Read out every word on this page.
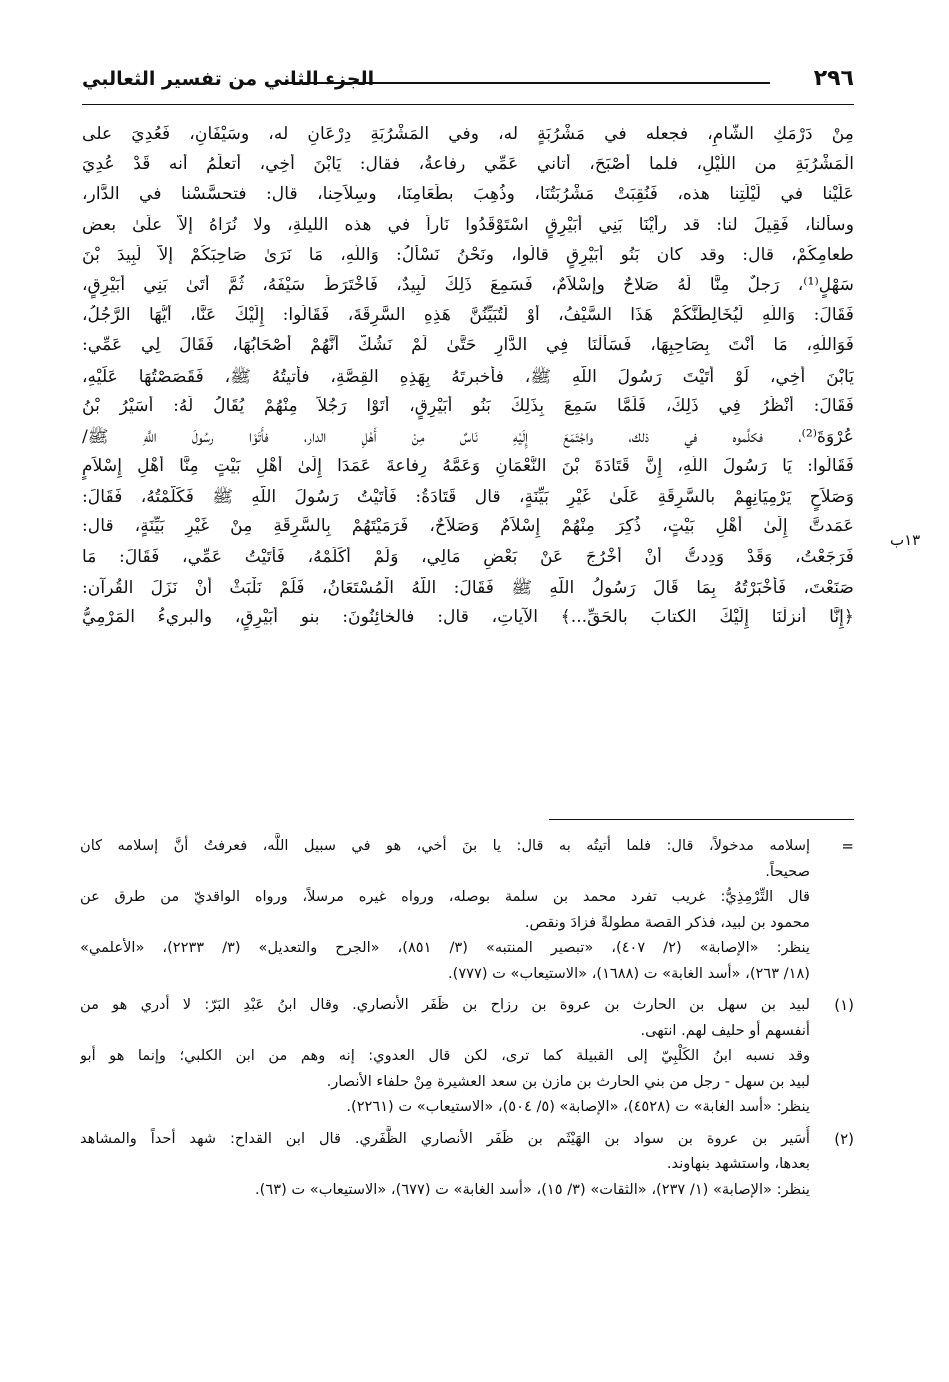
٢٩٦
الجزء الثاني من تفسير الثعالبي
مِنْ دَرْمَكِ الشَّامِ، فجعله في مَشْرُبَةٍ له، وفي المَشْرُبَةِ دِرْعَانِ له، وسَيْفَانِ، فَعُدِيَ على
الْمَشْرُبَةِ من اللَّيْلِ، فلما أَصْبَحَ، أتاني عَمِّي رفاعةُ، فقال: يَابْنَ أَخِي، أتعلَمُ أنه قَدْ عُدِيَ
عَلَيْنا في لَيْلَتِنا هذه، فَنُقِبَتْ مَشْرُبَتُنَا، وذُهِبَ بطَعَامِنَا، وسِلاَحِنا، قال: فتحسَّسْنا في الدَّار،
وسألنا، فَقِيلَ لنا: قد رأَيْنَا بَنِي أُبَيْرِقٍ اسْتَوْقَدُوا نَاراً في هذه الليلةِ، ولا نُرَاهُ إلاَّ علَىٰ بعض
طعامِكُمْ، قال: وقد كان بَنُو أُبَيْرِقٍ قالُوا، ونَحْنُ نَسْأَلُ: وَاللَّهِ، مَا نَرَىٰ صَاحِبَكُمْ إلاَّ لَبِيدَ بْنَ
سَهْلٍ⁽¹⁾، رَجلٌ مِنَّا لَهُ صَلاحٌ وإسْلاَمٌ، فَسَمِعَ ذَلِكَ لَبِيدٌ، فَاخْتَرَطَ سَيْفَهُ، ثُمَّ أَتَىٰ بَنِي أُبَيْرِقٍ،
فَقَالَ: وَاللَّهِ لَيُخَالِطَنَّكُمْ هَذَا السَّيْفُ، أَوْ لَتُبَيِّنُنَّ هَذِهِ السَّرِقَةَ، فَقَالُوا: إِلَيْكَ عَنَّا، أَيُّهَا الرَّجُلُ،
فَوَاللَّهِ، مَا أَنْتَ بِصَاحِبِهَا، فَسَأَلْنَا فِي الدَّارِ حَتَّىٰ لَمْ نَشُكَّ أَنَّهُمْ أَصْحَابُهَا، فَقَالَ لِي عَمِّي:
يَابْنَ أَخِي، لَوْ أَتَيْتَ رَسُولَ اللَّهِ ﷺ، فأخبرتَهُ بِهَذِهِ القِصَّةِ، فأتيتُهُ ﷺ، فَقَصَصْتُهَا عَلَيْهِ،
فَقَالَ: أَنْظُرُ فِي ذَلِكَ، فَلَمَّا سَمِعَ بِذَلِكَ بَنُو أُبَيْرِقٍ، أَتَوْا رَجُلاً مِنْهُمْ يُقَالُ لَهُ: أَسَيْرُ بْنُ
عُرْوَةَ⁽²⁾، فكلَّموه في ذلك، واجْتَمَعَ إِلَيْهِ نَاسٌ مِنْ أَهْلِ الدار، فأَتَوْا رسُولَ اللَّهِ ﷺ/
فَقَالُوا: يَا رَسُولَ اللَّهِ، إِنَّ قَتَادَةَ بْنَ النُّعْمَانِ وَعَمَّهُ رِفاعةَ عَمَدَا إِلَىٰ أَهْلِ بَيْتٍ مِنَّا أَهْلِ إِسْلاَمٍ
وَصَلاَحٍ يَرْمِيَانِهِمْ بالسَّرِقَةِ عَلَىٰ غَيْرِ بَيِّنَةٍ، قال قَتَادَةُ: فَأَتَيْتُ رَسُولَ اللَّهِ ﷺ فَكَلَّمْتُهُ، فَقَالَ:
عَمَدتَّ إِلَىٰ أَهْلِ بَيْتٍ، ذُكِرَ مِنْهُمْ إِسْلاَمٌ وَصَلاَحٌ، فَرَمَيْتَهُمْ بِالسَّرِقَةِ مِنْ غَيْرِ بَيِّنَةٍ، قال:
فَرَجَعْتُ، وَقَدْ وَدِدتُّ أَنْ أَخْرُجَ عَنْ بَعْضِ مَالِي، وَلَمْ أُكَلِّمْهُ، فَأَتَيْتُ عَمِّي، فَقَالَ: مَا
صَنَعْتَ، فَأَخْبَرْتُهُ بِمَا قَالَ رَسُولُ اللَّهِ ﷺ فَقَالَ: اللَّهُ الْمُسْتَعَانُ، فَلَمْ نَلْبَثْ أَنْ نَزَلَ القُرآن:
﴿إِنَّا أَنزلْنَا إِلَيْكَ الكتابَ بالحَقِّ...﴾ الآياتِ، قال: فالخائِنُونَ: بنو أُبَيْرِقٍ، والبريءُ المَرْمِيُّ
١٣ب
=
إسلامه مدخولاً، قال: فلما أتيتُه به قال: يا بنَ أخي، هو في سبيل اللَّه، فعرفتُ أنَّ إسلامه كان
صحيحاً.
قال التِّرْمِذِيُّ: غريب تفرد محمد بن سلمة بوصله، ورواه غيره مرسلاً، ورواه الواقديّ من طرق عن
محمود بن لبيد، فذكر القصة مطولةً فزادَ ونقص.
ينظر: «الإصابة» (٢/ ٤٠٧)، «تبصير المنتبه» (٣/ ٨٥١)، «الجرح والتعديل» (٣/ ٢٢٣٣)، «الأعلمي»
(١٨/ ٢٦٣)، «أسد الغابة» ت (١٦٨٨)، «الاستيعاب» ت (٧٧٧).
(١)
لبيد بن سهل بن الحارث بن عروة بن رزاح بن ظَفَر الأنصاري. وقال ابنُ عَبْدِ البَرّ: لا أدري هو من
أنفسهم أو حليف لهم. انتهى.
وقد نسبه ابنُ الكَلْبِيّ إلى القبيلة كما ترى، لكن قال العدوي: إنه وهم من ابن الكلبي؛ وإنما هو أبو
لبيد بن سهل - رجل من بني الحارث بن مازن بن سعد العشيرة مِنْ حلفاء الأنصار.
ينظر: «أسد الغابة» ت (٤٥٢٨)، «الإصابة» (٥/ ٥٠٤)، «الاستيعاب» ت (٢٢٦١).
(٢)
أُسَير بن عروة بن سواد بن الهَيْثَم بن ظَفَر الأنصاري الظَّفَري. قال ابن القداح: شهد أحداً والمشاهد
بعدها، واستشهد بنهاوند.
ينظر: «الإصابة» (١/ ٢٣٧)، «الثقات» (٣/ ١٥)، «أسد الغابة» ت (٦٧٧)، «الاستيعاب» ت (٦٣).
